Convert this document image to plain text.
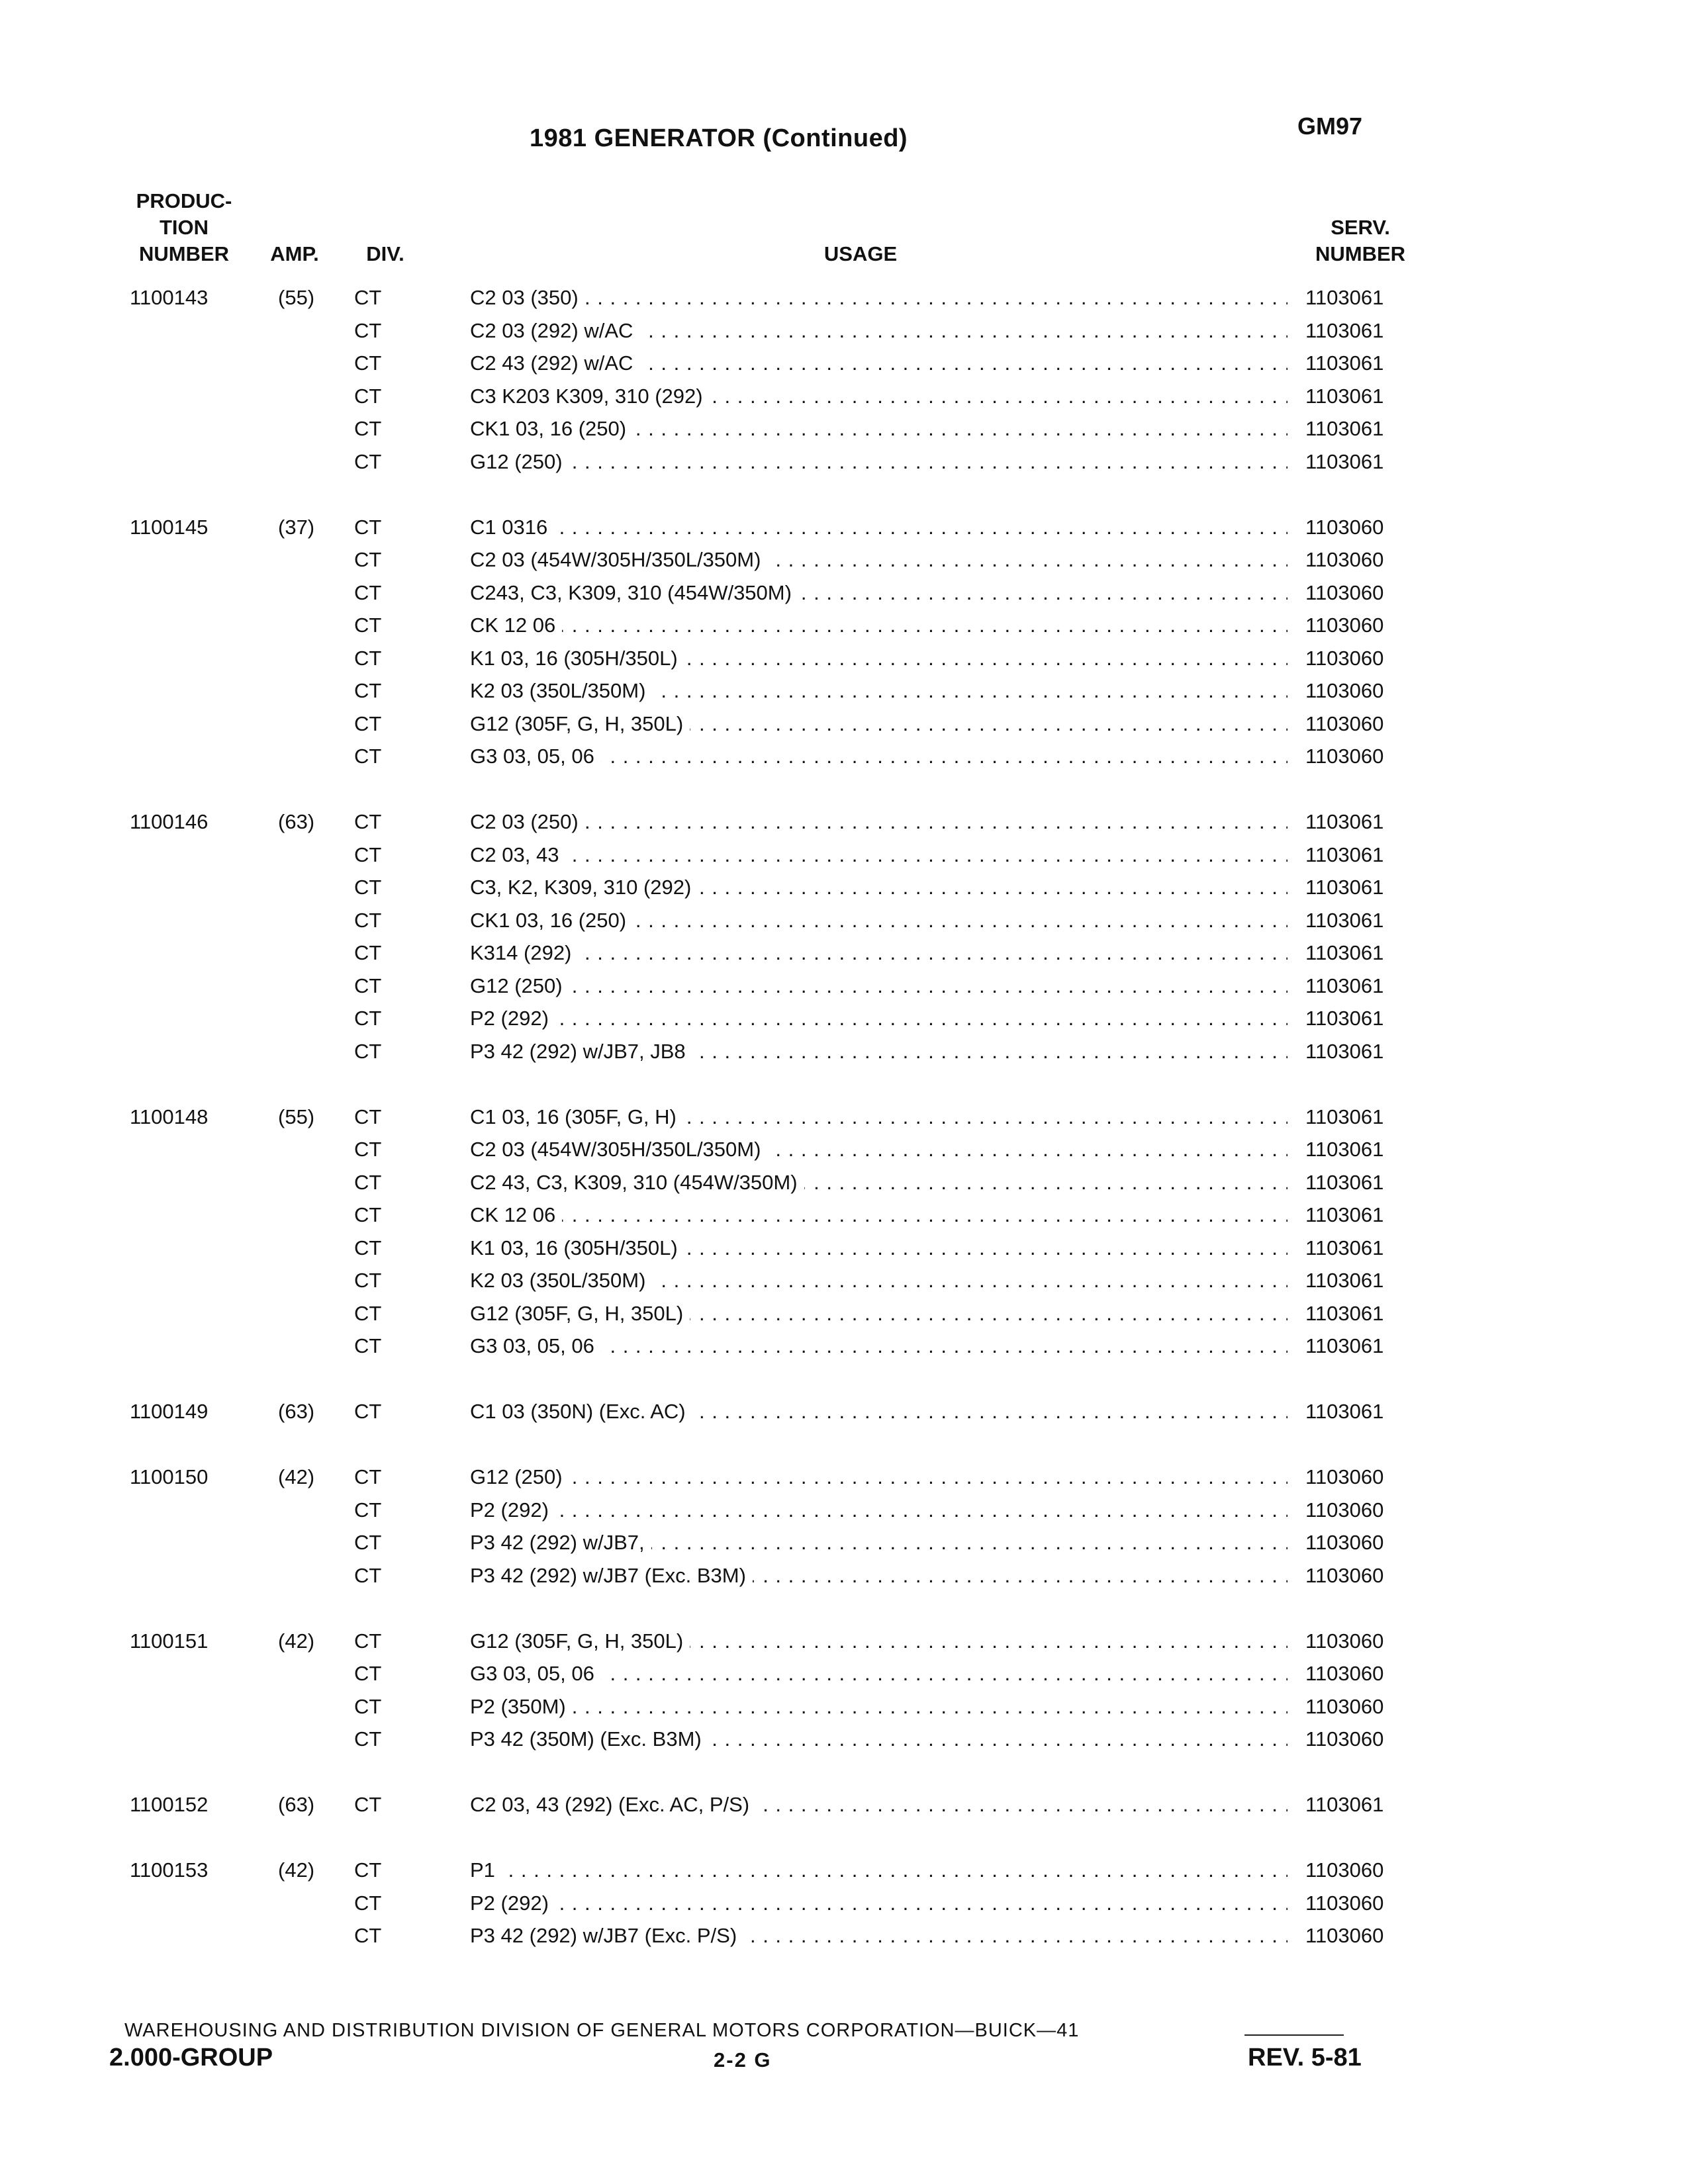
1981 GENERATOR (Continued)	GM97
PRODUC-
TION
NUMBER	AMP.	DIV.	USAGE
SERV.
NUMBER
1100143	(55) CT	C2 03 (350) . . .	1103061
CT	C2 03 (292) w/AC . . .	1103061
CT	C2 43 (292) w/AC . . .	1103061
CT	C3 K203 K309, 310 (292) . . .	1103061
CT	CK1 03, 16 (250) . . .	1103061
CT	G12 (250) . . .	1103061
1100145	(37) CT	C1 0316 . . .	1103060
CT	C2 03 (454W/305H/350L/350M) . . .	1103060
CT	C243, C3, K309, 310 (454W/350M) . . .	1103060
CT	CK 12 06 . . .	1103060
CT	K1 03, 16 (305H/350L) . . .	1103060
CT	K2 03 (350L/350M) . . .	1103060
CT	G12 (305F, G, H, 350L) . . .	1103060
CT	G3 03, 05, 06 . . .	1103060
1100146	(63) CT	C2 03 (250) . . .	1103061
CT	C2 03, 43 . . .	1103061
CT	C3, K2, K309, 310 (292) . . .	1103061
CT	CK1 03, 16 (250) . . .	1103061
CT	K314 (292) . . .	1103061
CT	G12 (250) . . .	1103061
CT	P2 (292) . . .	1103061
CT	P3 42 (292) w/JB7, JB8 . . .	1103061
1100148	(55) CT	C1 03, 16 (305F, G, H) . . .	1103061
CT	C2 03 (454W/305H/350L/350M) . . .	1103061
CT	C2 43, C3, K309, 310 (454W/350M) . . .	1103061
CT	CK 12 06 . . .	1103061
CT	K1 03, 16 (305H/350L) . . .	1103061
CT	K2 03 (350L/350M) . . .	1103061
CT	G12 (305F, G, H, 350L) . . .	1103061
CT	G3 03, 05, 06 . . .	1103061
1100149	(63) CT	C1 03 (350N) (Exc. AC) . . .	1103061
1100150	(42) CT	G12 (250) . . .	1103060
CT	P2 (292) . . .	1103060
CT	P3 42 (292) w/JB7, . . .	1103060
CT	P3 42 (292) w/JB7 (Exc. B3M) . . .	1103060
1100151	(42) CT	G12 (305F, G, H, 350L) . . .	1103060
CT	G3 03, 05, 06 . . .	1103060
CT	P2 (350M) . . .	1103060
CT	P3 42 (350M) (Exc. B3M) . . .	1103060
1100152	(63) CT	C2 03, 43 (292) (Exc. AC, P/S) . . .	1103061
1100153	(42) CT	P1 . . .	1103060
CT	P2 (292) . . .	1103060
CT	P3 42 (292) w/JB7 (Exc. P/S) . . .	1103060
WAREHOUSING AND DISTRIBUTION DIVISION OF GENERAL MOTORS CORPORATION—BUICK—41
2.000-GROUP	2-2 G	REV. 5-81
